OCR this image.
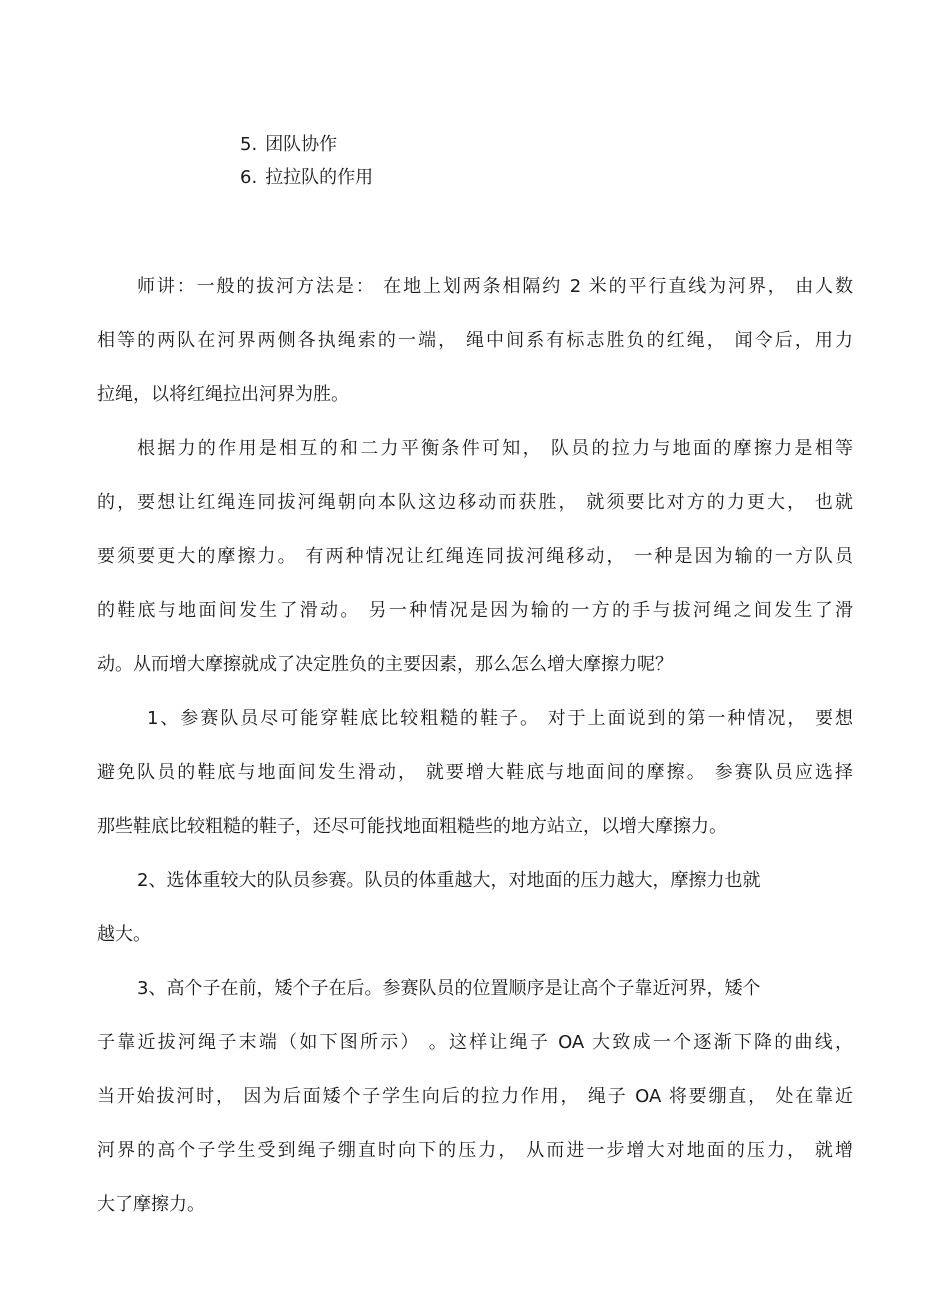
5. 团队协作
6. 拉拉队的作用
师讲：一般的拔河方法是： 在地上划两条相隔约 2 米的平行直线为河界， 由人数
相等的两队在河界两侧各执绳索的一端， 绳中间系有标志胜负的红绳， 闻令后，用力
拉绳，以将红绳拉出河界为胜。
根据力的作用是相互的和二力平衡条件可知， 队员的拉力与地面的摩擦力是相等
的，要想让红绳连同拔河绳朝向本队这边移动而获胜， 就须要比对方的力更大， 也就
要须要更大的摩擦力。 有两种情况让红绳连同拔河绳移动， 一种是因为输的一方队员
的鞋底与地面间发生了滑动。 另一种情况是因为输的一方的手与拔河绳之间发生了滑
动。从而增大摩擦就成了决定胜负的主要因素，那么怎么增大摩擦力呢？
1、参赛队员尽可能穿鞋底比较粗糙的鞋子。 对于上面说到的第一种情况， 要想
避免队员的鞋底与地面间发生滑动， 就要增大鞋底与地面间的摩擦。 参赛队员应选择
那些鞋底比较粗糙的鞋子，还尽可能找地面粗糙些的地方站立，以增大摩擦力。
2、选体重较大的队员参赛。队员的体重越大，对地面的压力越大，摩擦力也就
越大。
3、高个子在前，矮个子在后。参赛队员的位置顺序是让高个子靠近河界，矮个
子靠近拔河绳子末端（如下图所示） 。这样让绳子 OA 大致成一个逐渐下降的曲线，
当开始拔河时， 因为后面矮个子学生向后的拉力作用， 绳子 OA 将要绷直， 处在靠近
河界的高个子学生受到绳子绷直时向下的压力， 从而进一步增大对地面的压力， 就增
大了摩擦力。
